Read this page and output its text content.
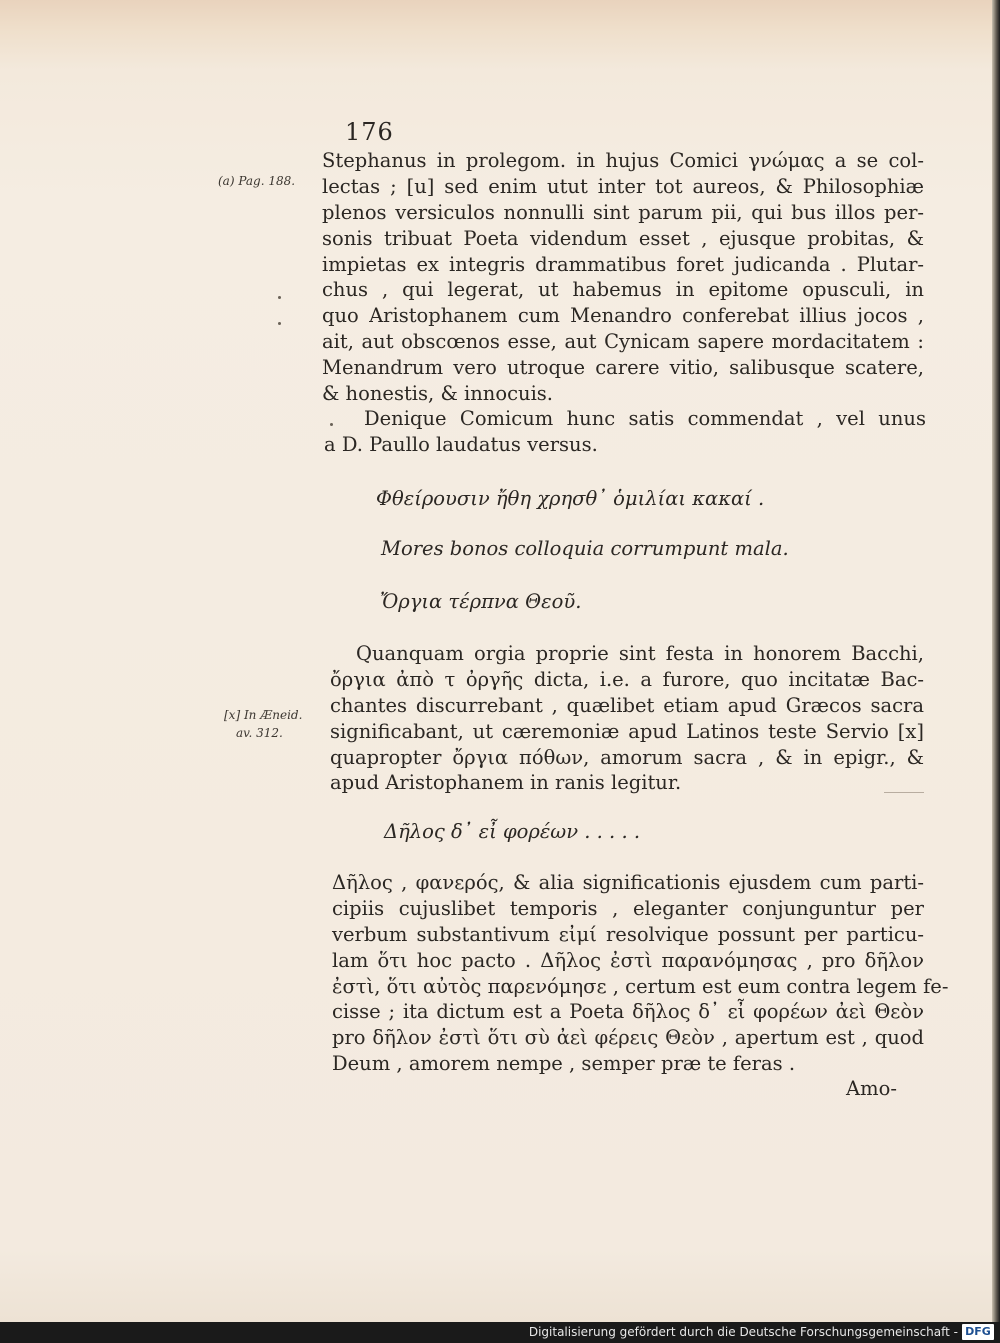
176
(a) Pag. 188.
[x] In Æneid.
av. 312.
Stephanus in prolegom. in hujus Comici γνώμας a se col-
lectas ; [u] sed enim utut inter tot aureos, & Philosophiæ
plenos versiculos nonnulli sint parum pii, qui bus illos per-
sonis tribuat Poeta videndum esset , ejusque probitas, &
impietas ex integris drammatibus foret judicanda . Plutar-
chus , qui legerat, ut habemus in epitome opusculi, in
quo Aristophanem cum Menandro conferebat illius jocos ,
ait, aut obscœnos esse, aut Cynicam sapere mordacitatem :
Menandrum vero utroque carere vitio, salibusque scatere,
& honestis, & innocuis.
Denique Comicum hunc satis commendat , vel unus
a D. Paullo laudatus versus.
Φθείρουσιν ἤθη χρησθ᾽ ὁμιλίαι κακαί .
Mores bonos colloquia corrumpunt mala.
Ὄργια τέρπνα Θεοῦ.
Quanquam orgia proprie sint festa in honorem Bacchi,
ὄργια ἀπὸ τ ὀργῆς dicta, i.e. a furore, quo incitatæ Bac-
chantes discurrebant , quælibet etiam apud Græcos sacra
significabant, ut cæremoniæ apud Latinos teste Servio [x]
quapropter ὄργια πόθων, amorum sacra , & in epigr., &
apud Aristophanem in ranis legitur.
Δῆλος δ᾽ εἶ φορέων . . . . .
Δῆλος , φανερός, & alia significationis ejusdem cum parti-
cipiis cujuslibet temporis , eleganter conjunguntur per
verbum substantivum εἰμί resolvique possunt per particu-
lam ὅτι hoc pacto . Δῆλος ἐστὶ παρανόμησας , pro δῆλον
ἐστὶ, ὅτι αὐτὸς παρενόμησε , certum est eum contra legem fe-
cisse ; ita dictum est a Poeta δῆλος δ᾽ εἶ φορέων ἀεὶ Θεὸν
pro δῆλον ἐστὶ ὅτι σὺ ἀεὶ φέρεις Θεὸν , apertum est , quod
Deum , amorem nempe , semper præ te feras .
Amo-
Digitalisierung gefördert durch die Deutsche Forschungsgemeinschaft - DFG
